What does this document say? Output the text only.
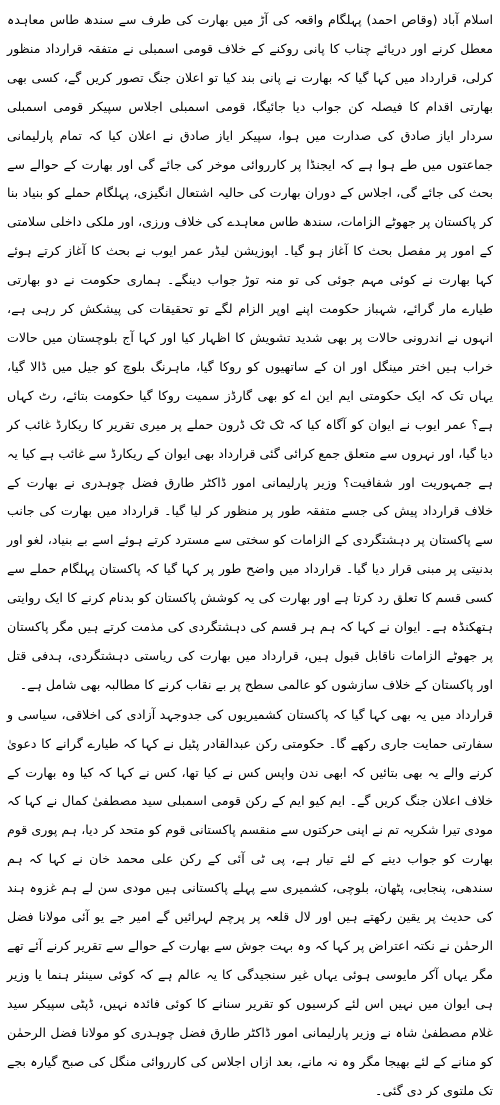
اسلام آباد (وقاص احمد) پہلگام واقعہ کی آڑ میں بھارت کی طرف سے سندھ طاس معاہدہ معطل کرنے اور دریائے چناب کا پانی روکنے کے خلاف قومی اسمبلی نے متفقہ قرارداد منظور کرلی، قرارداد میں کہا گیا کہ بھارت نے پانی بند کیا تو اعلان جنگ تصور کریں گے، کسی بھی بھارتی اقدام کا فیصلہ کن جواب دیا جائیگا، قومی اسمبلی اجلاس سپیکر قومی اسمبلی سردار ایاز صادق کی صدارت میں ہوا، سپیکر ایاز صادق نے اعلان کیا کہ تمام پارلیمانی جماعتوں میں طے ہوا ہے کہ ایجنڈا پر کارروائی موخر کی جائے گی اور بھارت کے حوالے سے بحث کی جائے گی، اجلاس کے دوران بھارت کی حالیہ اشتعال انگیزی، پہلگام حملے کو بنیاد بنا کر پاکستان پر جھوٹے الزامات، سندھ طاس معاہدے کی خلاف ورزی، اور ملکی داخلی سلامتی کے امور پر مفصل بحث کا آغاز ہو گیا۔ اپوزیشن لیڈر عمر ایوب نے بحث کا آغاز کرتے ہوئے کہا بھارت نے کوئی مہم جوئی کی تو منہ توڑ جواب دینگے۔ ہماری حکومت نے دو بھارتی طیارے مار گرائے، شہباز حکومت اپنے اوپر الزام لگے تو تحقیقات کی پیشکش کر رہی ہے، انہوں نے اندرونی حالات پر بھی شدید تشویش کا اظہار کیا اور کہا آج بلوچستان میں حالات خراب ہیں اختر مینگل اور ان کے ساتھیوں کو روکا گیا، ماہرنگ بلوچ کو جیل میں ڈالا گیا، یہاں تک کہ ایک حکومتی ایم این اے کو بھی گارڈز سمیت روکا گیا حکومت بتائے، رٹ کہاں ہے؟ عمر ایوب نے ایوان کو آگاہ کیا کہ ٹک ٹک ڈرون حملے پر میری تقریر کا ریکارڈ غائب کر دیا گیا، اور نہروں سے متعلق جمع کرائی گئی قرارداد بھی ایوان کے ریکارڈ سے غائب ہے کیا یہ ہے جمہوریت اور شفافیت؟ وزیر پارلیمانی امور ڈاکٹر طارق فضل چوہدری نے بھارت کے خلاف قرارداد پیش کی جسے متفقہ طور پر منظور کر لیا گیا۔ قرارداد میں بھارت کی جانب سے پاکستان پر دہشتگردی کے الزامات کو سختی سے مسترد کرتے ہوئے اسے بے بنیاد، لغو اور بدنیتی پر مبنی قرار دیا گیا۔ قرارداد میں واضح طور پر کہا گیا کہ پاکستان پہلگام حملے سے کسی قسم کا تعلق رد کرتا ہے اور بھارت کی یہ کوشش پاکستان کو بدنام کرنے کا ایک روایتی ہتھکنڈہ ہے۔ ایوان نے کہا کہ ہم ہر قسم کی دہشتگردی کی مذمت کرتے ہیں مگر پاکستان پر جھوٹے الزامات ناقابل قبول ہیں، قرارداد میں بھارت کی ریاستی دہشتگردی، ہدفی قتل اور پاکستان کے خلاف سازشوں کو عالمی سطح پر بے نقاب کرنے کا مطالبہ بھی شامل ہے۔

قرارداد میں یہ بھی کہا گیا کہ پاکستان کشمیریوں کی جدوجہد آزادی کی اخلاقی، سیاسی و سفارتی حمایت جاری رکھے گا۔ حکومتی رکن عبدالقادر پٹیل نے کہا کہ طیارے گرانے کا دعویٰ کرنے والے یہ بھی بتائیں کہ ابھی ندن واپس کس نے کیا تھا، کس نے کہا کہ کیا وہ بھارت کے خلاف اعلان جنگ کریں گے۔ ایم کیو ایم کے رکن قومی اسمبلی سید مصطفیٰ کمال نے کہا کہ مودی تیرا شکریہ تم نے اپنی حرکتوں سے منقسم پاکستانی قوم کو متحد کر دیا، ہم پوری قوم بھارت کو جواب دینے کے لئے تیار ہے، پی ٹی آئی کے رکن علی محمد خان نے کہا کہ ہم سندھی، پنجابی، پٹھان، بلوچی، کشمیری سے پہلے پاکستانی ہیں مودی سن لے ہم غزوہ ہند کی حدیث پر یقین رکھتے ہیں اور لال قلعہ پر پرچم لہرائیں گے امیر جے یو آئی مولانا فضل الرحمٰن نے نکتہ اعتراض پر کہا کہ وہ بہت جوش سے بھارت کے حوالے سے تقریر کرنے آئے تھے مگر یہاں آکر مایوسی ہوئی یہاں غیر سنجیدگی کا یہ عالم ہے کہ کوئی سینئر ہنما یا وزیر ہی ایوان میں نہیں اس لئے کرسیوں کو تقریر سنانے کا کوئی فائدہ نہیں، ڈپٹی سپیکر سید غلام مصطفیٰ شاہ نے وزیر پارلیمانی امور ڈاکٹر طارق فضل چوہدری کو مولانا فضل الرحمٰن کو منانے کے لئے بھیجا مگر وہ نہ مانے، بعد ازاں اجلاس کی کارروائی منگل کی صبح گیارہ بجے تک ملتوی کر دی گئی۔
